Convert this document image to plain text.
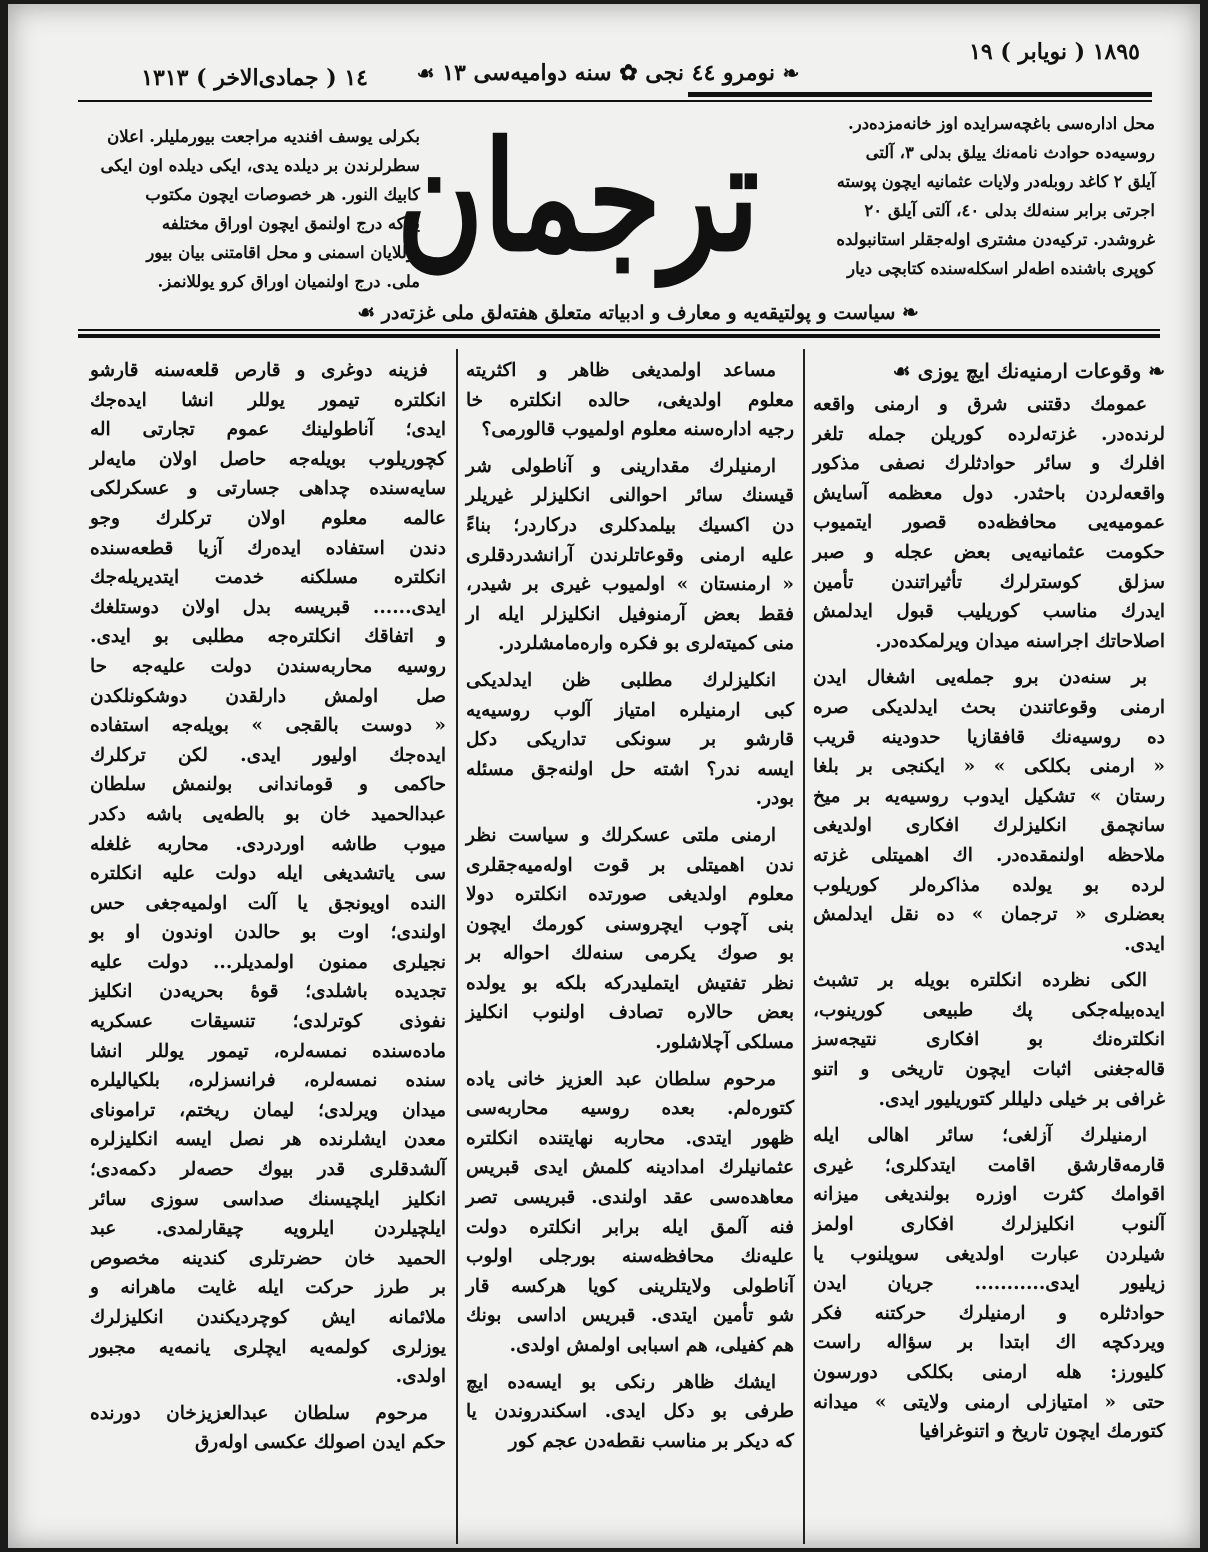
١٨٩٥ ( نويابر ) ١٩
❧ نومرو ٤٤ نجى ✿ سنه دواميه‌سى ١٣ ☙
١٤ ( جمادى‌الاخر ) ١٣١٣
محل اداره‌سی باغچه‌سرایده اوز خانه‌مزده‌در.
روسیه‌ده حوادث نامه‌نك ییلق بدلی ٣، آلتی
آیلق ٢ کاغد روبله‌در ولایات عثمانیه ایچون پوسته
اجرتی برابر سنه‌لك بدلی ٤٠، آلتی آیلق ٢٠
غروشدر. ترکیه‌دن مشتری اوله‌جقلر استانبولده
کوپری باشنده اطه‌لر اسکله‌سنده کتابچی دیار
ترجمان
بکرلی یوسف افندیه مراجعت بیورملیلر. اعلان
سطرلرندن بر دیلده یدی، ایکی دیلده اون ایکی
کابیك النور. هر خصوصات ایچون مکتوب
یا که درج اولنمق ایچون اوراق مختلفه
یوللایان اسمنی و محل اقامتنی بیان بیور
ملی. درج اولنمیان اوراق کرو یوللانمز.
❧ سیاست و پولتیقه‌یه و معارف و ادبیاته متعلق هفته‌لق ملی غزته‌در ☙
❧ وقوعات ارمنیه‌نك ایچ یوزی ☙
عمومك دقتنی شرق و ارمنی واقعه‌
لرنده‌در. غزته‌لرده کوریلن جمله تلغر
افلرك و سائر حوادثلرك نصفی مذکور
واقعه‌لردن باحثدر. دول معظمه آسایش
عمومیه‌یی محافظه‌ده قصور ایتمیوب
حکومت عثمانیه‌یی بعض عجله و صبر
سزلق کوسترلرك تأثیراتندن تأمین
ایدرك مناسب کوریلیب قبول ایدلمش
اصلاحاتك اجراسنه میدان ویرلمکده‌در.
بر سنه‌دن برو جمله‌یی اشغال ایدن
ارمنی وقوعاتندن بحث ایدلدیکی صره
ده روسیه‌نك قافقازیا حدودینه قریب
« ارمنی بکلکی » « ایکنجی بر بلغا
رستان » تشکیل ایدوب روسیه‌یه بر میخ
سانچمق انکلیزلرك افکاری اولدیغی
ملاحظه اولنمقده‌در. اك اهمیتلی غزته
لرده بو یولده مذاکره‌لر کوریلوب
بعضلری « ترجمان » ده نقل ایدلمش
ایدی.
الکی نظرده انکلتره بویله بر تشبث
ایده‌بیله‌جکی پك طبیعی کورینوب،
انکلتره‌نك بو افکاری نتیجه‌سز
قاله‌جغنی اثبات ایچون تاریخی و اتنو
غرافی بر خیلی دلیللر کتوریلیور ایدی.
ارمنیلرك آزلغی؛ سائر اهالی ایله
قارمه‌قارشق اقامت ایتدکلری؛ غیری
اقوامك کثرت اوزره بولندیغی میزانه
آلنوب انکلیزلرك افکاری اولمز
شیلردن عبارت اولدیغی سویلنوب یا
زیلیور ایدی........... جریان ایدن
حوادثلره و ارمنیلرك حرکتنه فکر
ویردکچه اك ابتدا بر سؤاله راست
کلیورز: هله ارمنی بکلکی دورسون
حتی « امتیازلی ارمنی ولایتی » میدانه
کتورمك ایچون تاریخ و اتنوغرافیا
مساعد اولمدیغی ظاهر و اکثریته
معلوم اولدیغی، حالده انکلتره خا
رجیه اداره‌سنه معلوم اولمیوب قالورمی؟
ارمنیلرك مقدارینی و آناطولی شر
قیسنك سائر احوالنی انکلیزلر غیریلر
دن اکسیك بیلمدکلری درکاردر؛ بناءً
علیه ارمنی وقوعاتلرندن آرانشدردقلری
« ارمنستان » اولمیوب غیری بر شیدر،
فقط بعض آرمنوفیل انکلیزلر ایله ار
منی کمیته‌لری بو فکره وارەمامشلردر.
انکلیزلرك مطلبی ظن ایدلدیکی
کبی ارمنیلره امتیاز آلوب روسیه‌یه
قارشو بر سونکی تداریکی دکل
ایسه ندر؟ اشته حل اولنه‌جق مسئله
بودر.
ارمنی ملتی عسکرلك و سیاست نظر
ندن اهمیتلی بر قوت اوله‌میه‌جقلری
معلوم اولدیغی صورتده انکلتره دولا
بنی آچوب ایچروسنی کورمك ایچون
بو صوك یکرمی سنه‌لك احواله بر
نظر تفتیش ایتملیدرکه بلکه بو یولده
بعض حالاره تصادف اولنوب انکلیز
مسلکی آچلاشلور.
مرحوم سلطان عبد العزیز خانی یاده
کتوره‌لم. بعده روسیه محاربه‌سی
ظهور ایتدی. محاربه نهایتنده انکلتره
عثمانیلرك امدادینه کلمش ایدی قبریس
معاهده‌سی عقد اولندی. قبریسی تصر
فنه آلمق ایله برابر انکلتره دولت
علیه‌نك محافظه‌سنه بورجلی اولوب
آناطولی ولایتلرینی کویا هرکسه قار
شو تأمین ایتدی. قبریس اداسی بونك
هم کفیلی، هم اسبابی اولمش اولدی.
ایشك ظاهر رنکی بو ایسه‌ده ایچ
طرفی بو دکل ایدی. اسکندروندن یا
که دیکر بر مناسب نقطه‌دن عجم کور
فزینه دوغری و قارص قلعه‌سنه قارشو
انکلتره تیمور یوللر انشا ایده‌جك
ایدی؛ آناطولینك عموم تجارتی اله
کچوریلوب بویله‌جه حاصل اولان مایه‌لر
سایه‌سنده چداهی جسارتی و عسکرلکی
عالمه معلوم اولان ترکلرك وجو
دندن استفاده ایده‌رك آزیا قطعه‌سنده
انکلتره مسلکنه خدمت ایتدیریله‌جك
ایدی...... قبریسه بدل اولان دوستلغك
و اتفاقك انکلتره‌جه مطلبی بو ایدی.
روسیه محاربه‌سندن دولت علیه‌جه حا
صل اولمش دارلقدن دوشکونلکدن
« دوست بالقجی » بویله‌جه استفاده
ایده‌جك اولیور ایدی. لکن ترکلرك
حاکمی و قوماندانی بولنمش سلطان
عبدالحمید خان بو بالطه‌یی باشه دکدر
میوب طاشه اوردردی. محاربه غلغله
سی یاتشدیغی ایله دولت علیه انکلتره
النده اویونجق یا آلت اولمیه‌جغی حس
اولندی؛ اوت بو حالدن اوندون او بو
نجیلری ممنون اولمدیلر... دولت علیه
تجدیده باشلدی؛ قوهٔ بحریه‌دن انکلیز
نفوذی کوترلدی؛ تنسیقات عسکریه
ماده‌سنده نمسه‌لره، تیمور یوللر انشا
سنده نمسه‌لره، فرانسزلره، بلکیالیلره
میدان ویرلدی؛ لیمان ریختم، ترامونای
معدن ایشلرنده هر نصل ایسه انکلیزلره
آلشدقلری قدر بیوك حصه‌لر دکمه‌دی؛
انکلیز ایلچیسنك صداسی سوزی سائر
ایلچیلردن ایلرویه چیقارلمدی. عبد
الحمید خان حضرتلری کندینه مخصوص
بر طرز حرکت ایله غایت ماهرانه و
ملائمانه ایش کوچردیکندن انکلیزلرك
یوزلری کولمه‌یه ایچلری یانمه‌یه مجبور
اولدی.
مرحوم سلطان عبدالعزیزخان دورنده
حکم ایدن اصولك عکسی اوله‌رق
